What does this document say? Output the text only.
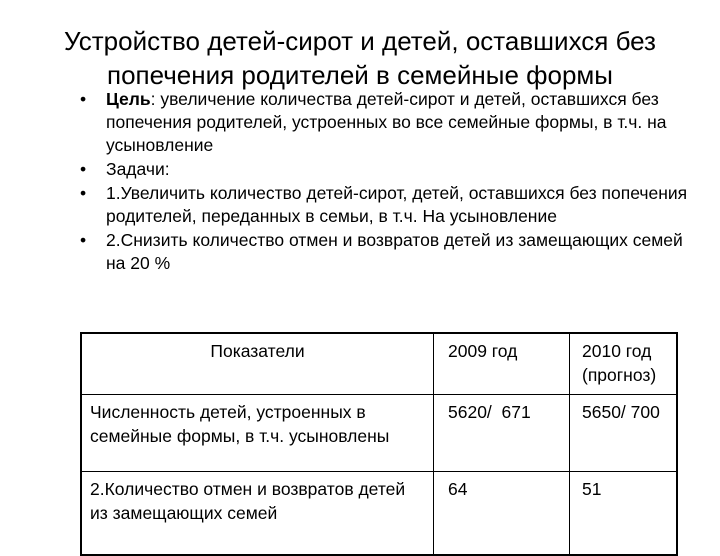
Устройство детей-сирот и детей, оставшихся без попечения родителей в семейные формы
• Цель: увеличение количества детей-сирот и детей, оставшихся без попечения родителей, устроенных во все семейные формы, в т.ч. на усыновление
• Задачи:
• 1.Увеличить количество детей-сирот, детей, оставшихся без попечения родителей, переданных в семьи, в т.ч. На усыновление
• 2.Снизить количество отмен и возвратов детей из замещающих семей на 20 %
Показатели	2009 год	2010 год (прогноз)
Численность детей, устроенных в семейные формы, в т.ч. усыновлены	5620/  671	5650/ 700
2.Количество отмен и возвратов детей из замещающих семей	64	51
